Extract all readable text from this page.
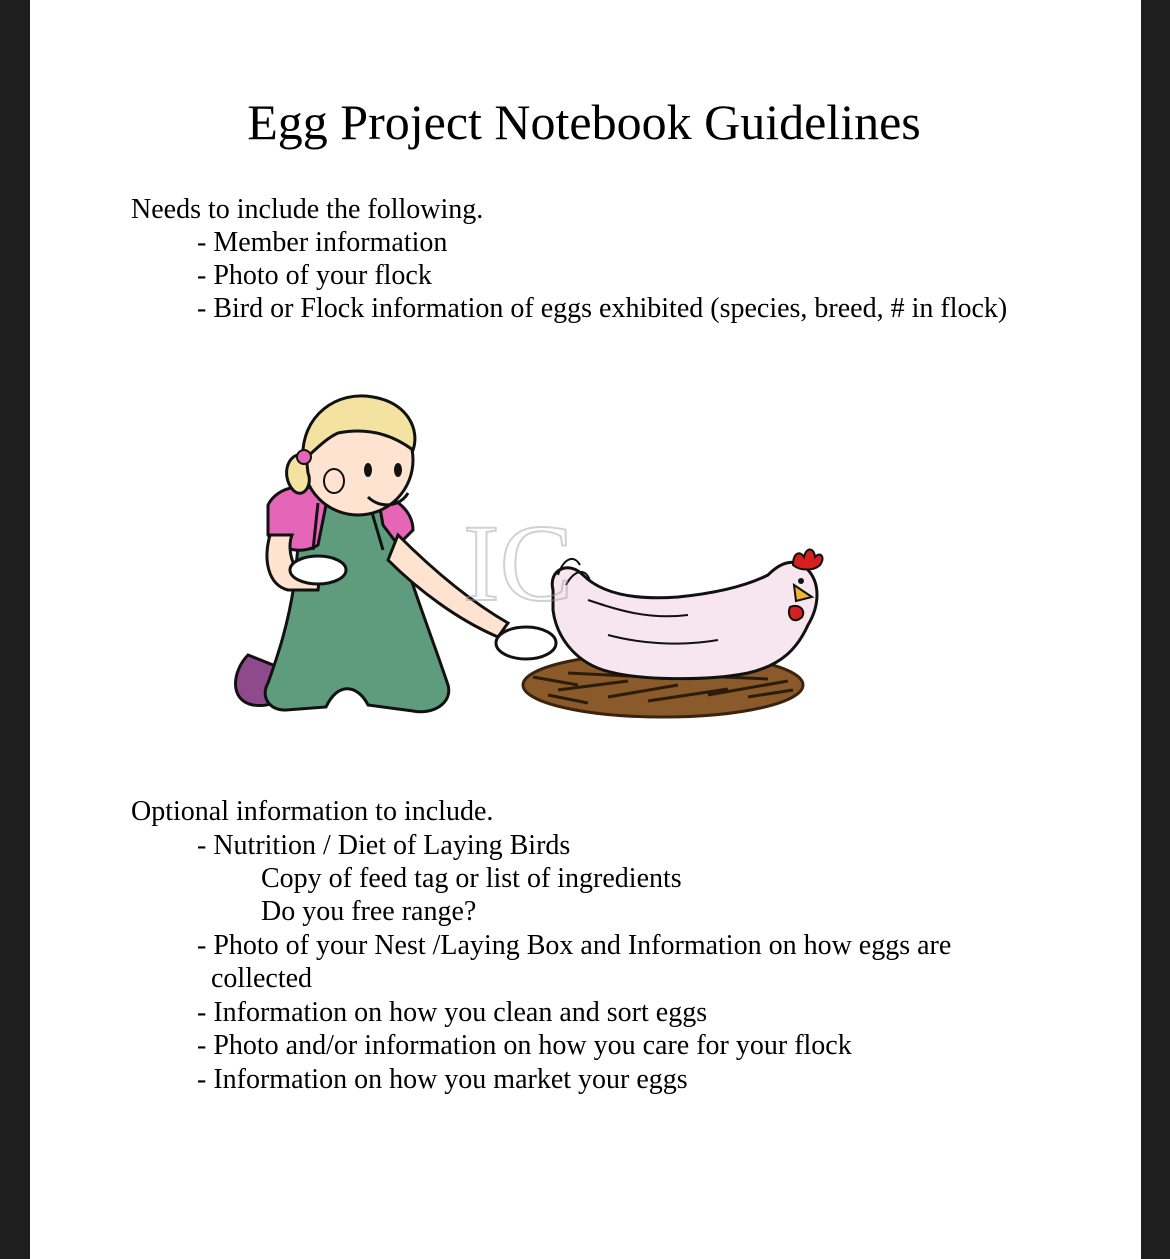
Egg Project Notebook Guidelines

Needs to include the following.

- Member information

- Photo of your flock

- Bird or Flock information of eggs exhibited (species, breed, # in flock)

IC

Optional information to include.

- Nutrition / Diet of Laying Birds

Copy of feed tag or list of ingredients

Do you free range?

- Photo of your Nest /Laying Box and Information on how eggs are

collected

- Information on how you clean and sort eggs

- Photo and/or information on how you care for your flock

- Information on how you market your eggs
